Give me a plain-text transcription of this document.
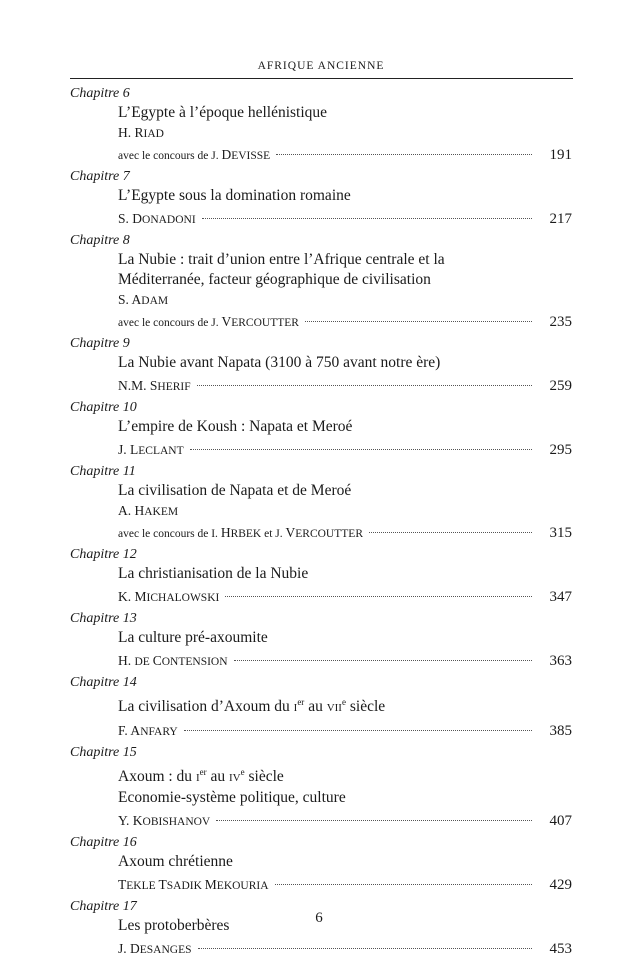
AFRIQUE ANCIENNE
Chapitre 6
L’Egypte à l’époque hellénistique
H. RIAD
avec le concours de J. DEVISSE	191
Chapitre 7
L’Egypte sous la domination romaine
S. DONADONI	217
Chapitre 8
La Nubie : trait d’union entre l’Afrique centrale et la
Méditerranée, facteur géographique de civilisation
S. ADAM
avec le concours de J. VERCOUTTER	235
Chapitre 9
La Nubie avant Napata (3100 à 750 avant notre ère)
N.M. SHERIF	259
Chapitre 10
L’empire de Koush : Napata et Meroé
J. LECLANT	295
Chapitre 11
La civilisation de Napata et de Meroé
A. HAKEM
avec le concours de I. HRBEK et J. VERCOUTTER	315
Chapitre 12
La christianisation de la Nubie
K. MICHALOWSKI	347
Chapitre 13
La culture pré-axoumite
H. DE CONTENSION	363
Chapitre 14
La civilisation d’Axoum du Ier au VIIe siècle
F. ANFARY	385
Chapitre 15
Axoum : du Ier au IVe siècle
Economie-système politique, culture
Y. KOBISHANOV	407
Chapitre 16
Axoum chrétienne
TEKLE TSADIK MEKOURIA	429
Chapitre 17
Les protoberbères
J. DESANGES	453
6
